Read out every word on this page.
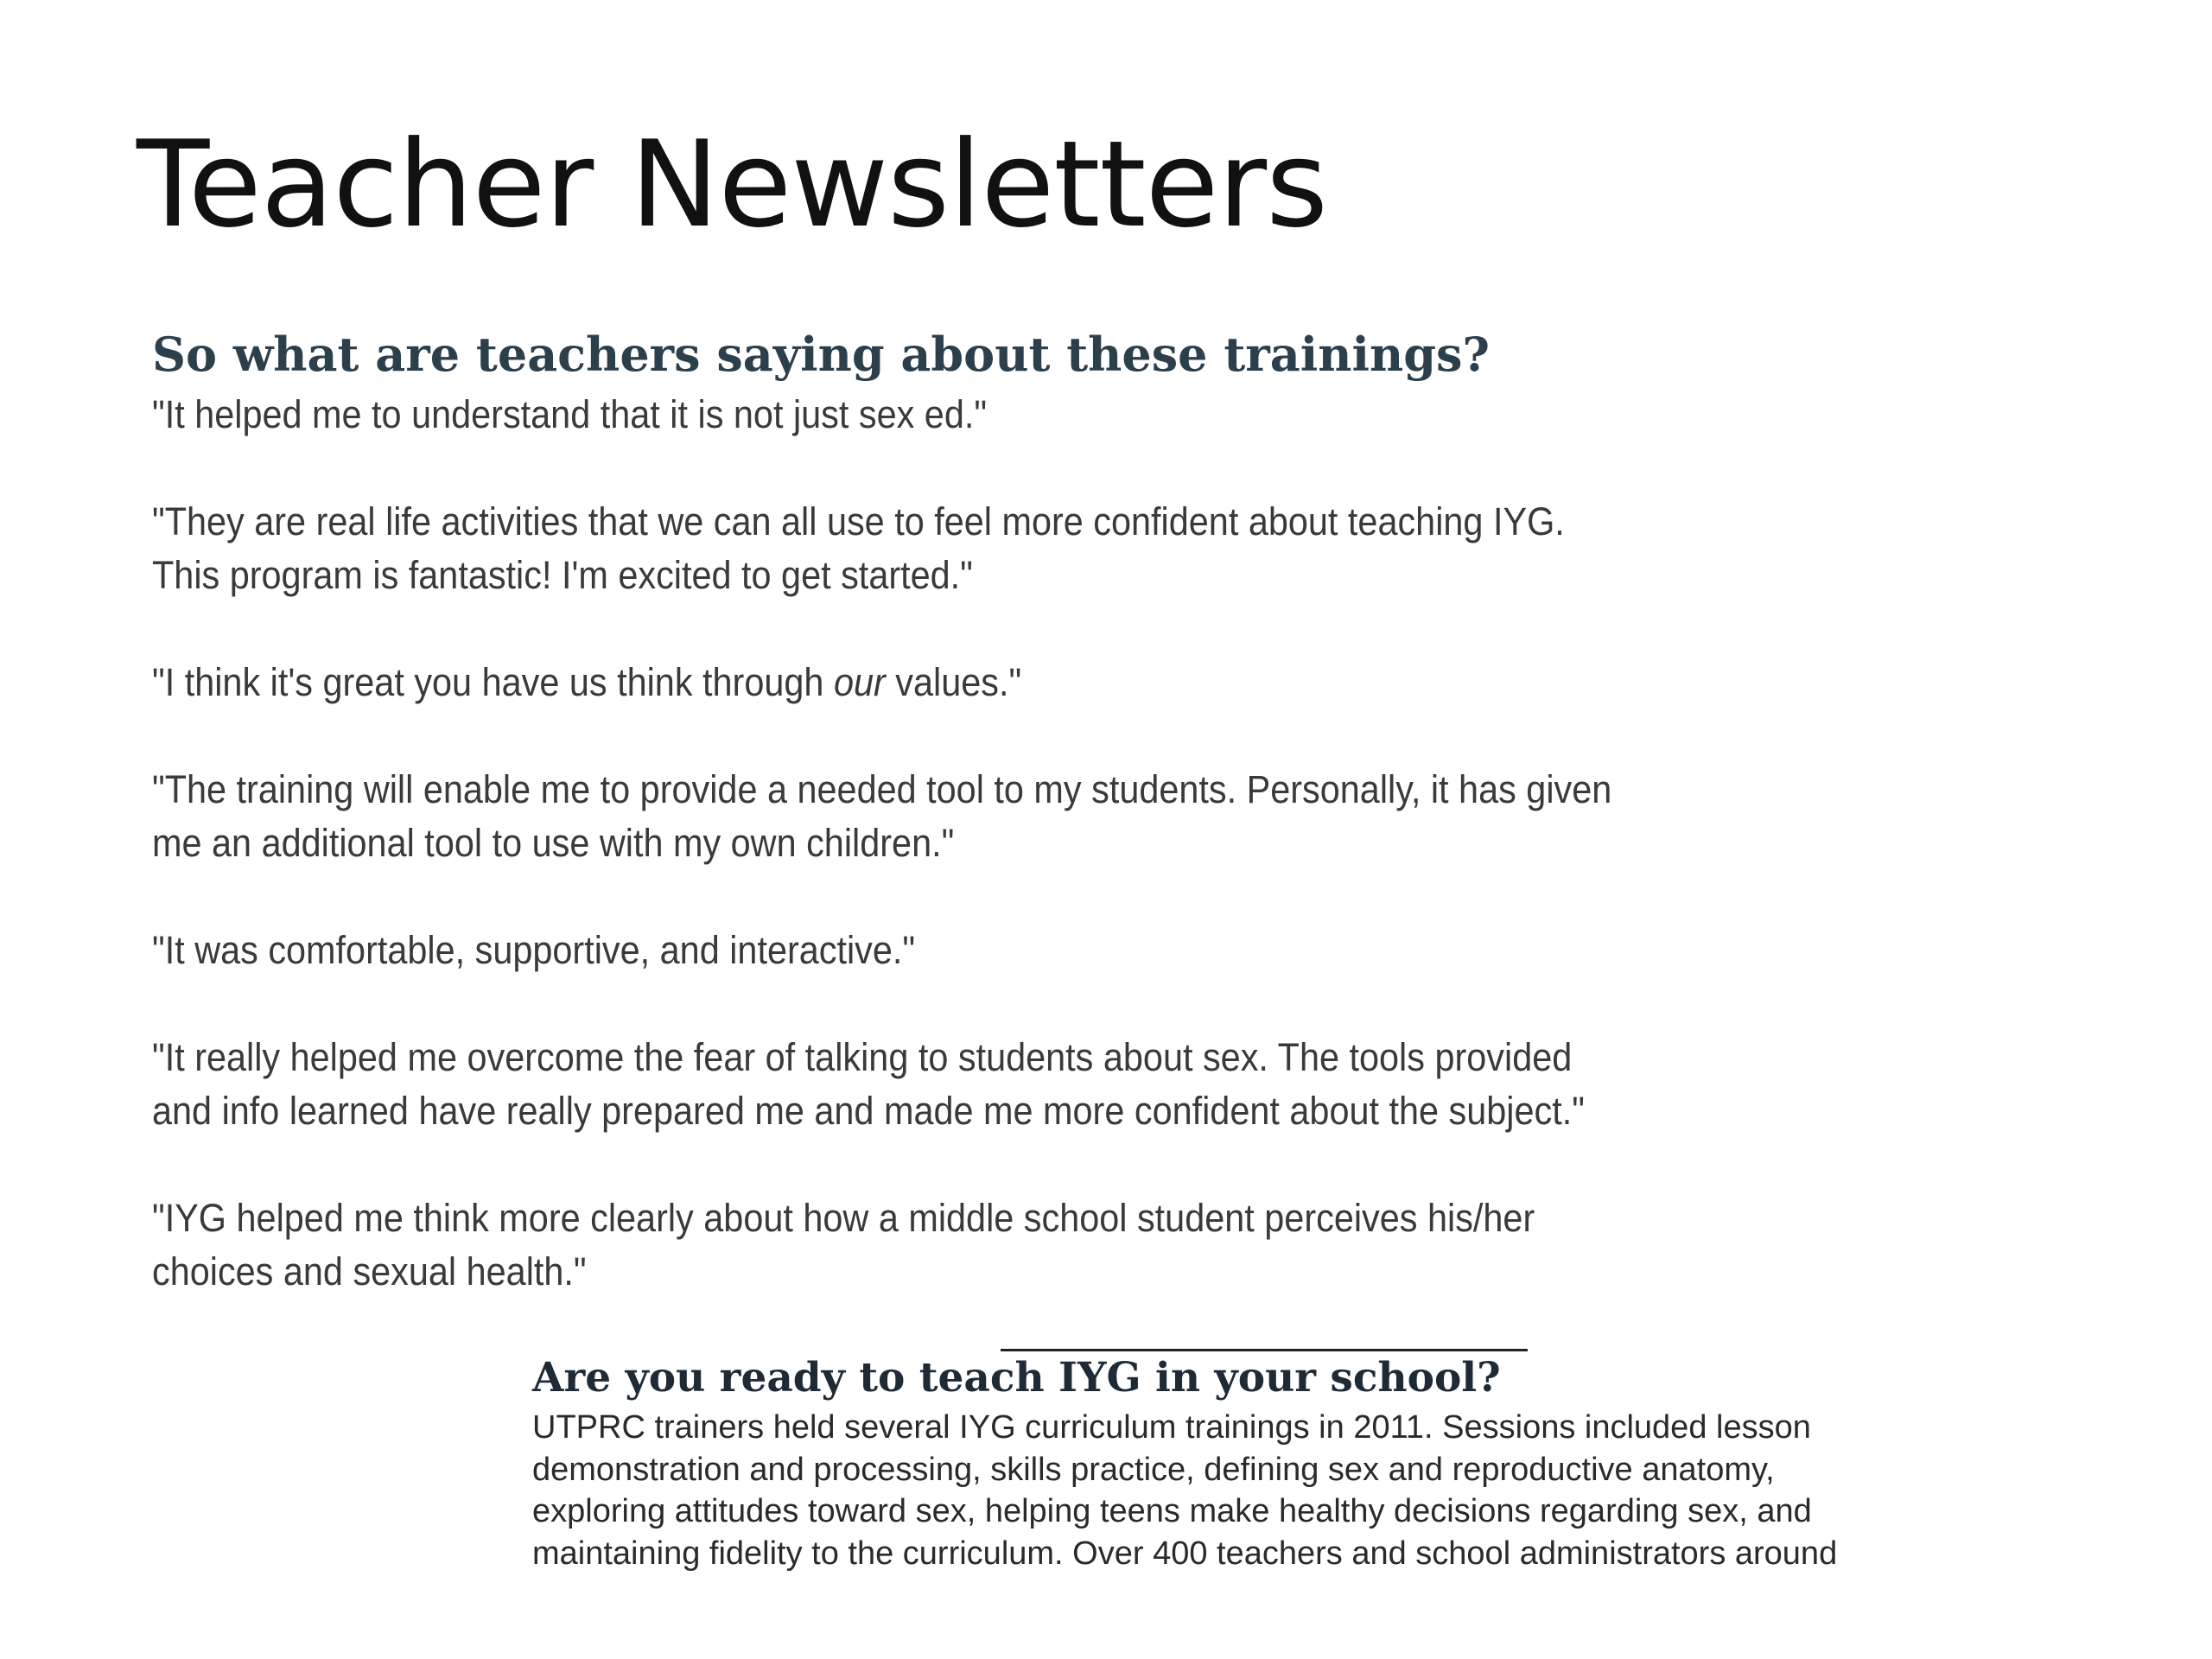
Teacher Newsletters
So what are teachers saying about these trainings?

"It helped me to understand that it is not just sex ed."

"They are real life activities that we can all use to feel more confident about teaching IYG.
This program is fantastic! I'm excited to get started."

"I think it's great you have us think through our values."

"The training will enable me to provide a needed tool to my students. Personally, it has given
me an additional tool to use with my own children."

"It was comfortable, supportive, and interactive."

"It really helped me overcome the fear of talking to students about sex. The tools provided
and info learned have really prepared me and made me more confident about the subject."

"IYG helped me think more clearly about how a middle school student perceives his/her
choices and sexual health."

Are you ready to teach IYG in your school?

UTPRC trainers held several IYG curriculum trainings in 2011. Sessions included lesson
demonstration and processing, skills practice, defining sex and reproductive anatomy,
exploring attitudes toward sex, helping teens make healthy decisions regarding sex, and
maintaining fidelity to the curriculum. Over 400 teachers and school administrators around
